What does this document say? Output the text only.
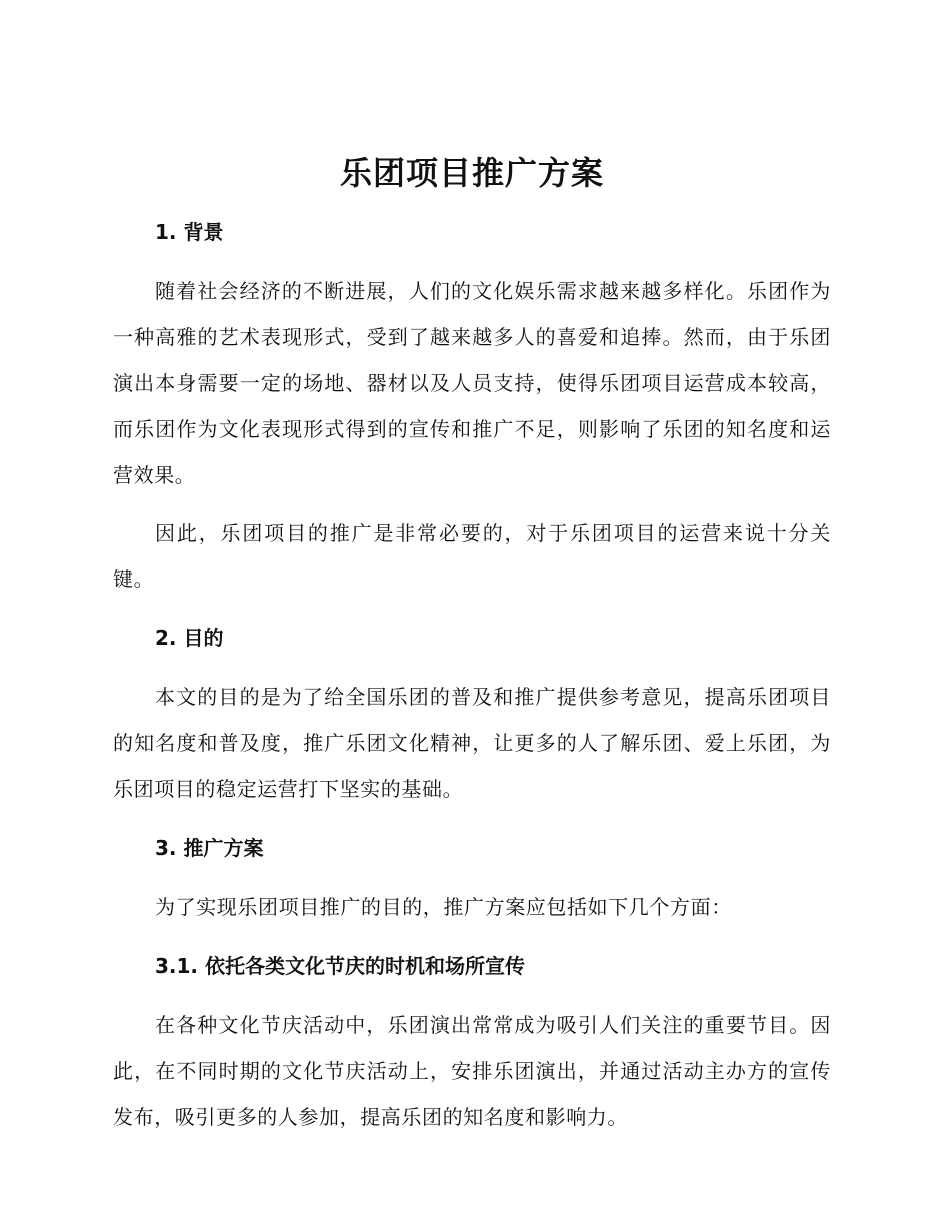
乐团项目推广方案
1. 背景

随着社会经济的不断进展，人们的文化娱乐需求越来越多样化。乐团作为一种高雅的艺术表现形式，受到了越来越多人的喜爱和追捧。然而，由于乐团演出本身需要一定的场地、器材以及人员支持，使得乐团项目运营成本较高，而乐团作为文化表现形式得到的宣传和推广不足，则影响了乐团的知名度和运营效果。

因此，乐团项目的推广是非常必要的，对于乐团项目的运营来说十分关键。

2. 目的

本文的目的是为了给全国乐团的普及和推广提供参考意见，提高乐团项目的知名度和普及度，推广乐团文化精神，让更多的人了解乐团、爱上乐团，为乐团项目的稳定运营打下坚实的基础。

3. 推广方案

为了实现乐团项目推广的目的，推广方案应包括如下几个方面：

3.1. 依托各类文化节庆的时机和场所宣传

在各种文化节庆活动中，乐团演出常常成为吸引人们关注的重要节目。因此，在不同时期的文化节庆活动上，安排乐团演出，并通过活动主办方的宣传发布，吸引更多的人参加，提高乐团的知名度和影响力。
